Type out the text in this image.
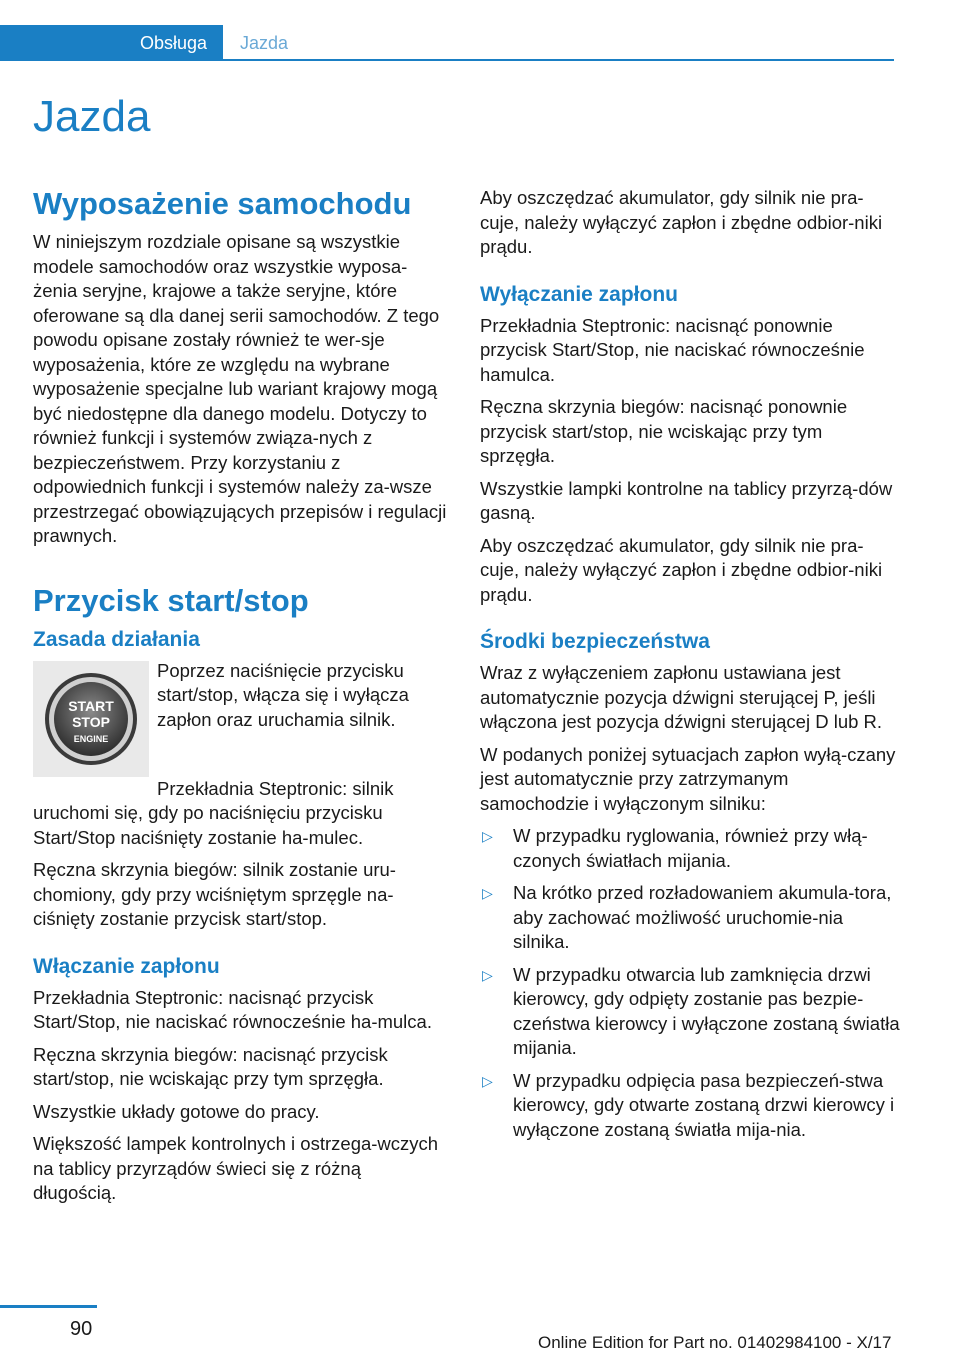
Obsługa	Jazda
Jazda
Wyposażenie samochodu

W niniejszym rozdziale opisane są wszystkie modele samochodów oraz wszystkie wyposa‐żenia seryjne, krajowe a także seryjne, które oferowane są dla danej serii samochodów. Z tego powodu opisane zostały również te wer‐sje wyposażenia, które ze względu na wybrane wyposażenie specjalne lub wariant krajowy mogą być niedostępne dla danego modelu. Dotyczy to również funkcji i systemów związa‐nych z bezpieczeństwem. Przy korzystaniu z odpowiednich funkcji i systemów należy za‐wsze przestrzegać obowiązujących przepisów i regulacji prawnych.

Przycisk start/stop
Zasada działania
START
STOP
ENGINE

Poprzez naciśnięcie przycisku start/stop, włącza się i wyłącza zapłon oraz uruchamia silnik.

Przekładnia Steptronic: silnik uruchomi się, gdy po naciśnięciu przycisku Start/Stop naciśnięty zostanie ha‐mulec.

Ręczna skrzynia biegów: silnik zostanie uru‐chomiony, gdy przy wciśniętym sprzęgle na‐ciśnięty zostanie przycisk start/stop.

Włączanie zapłonu

Przekładnia Steptronic: nacisnąć przycisk Start/Stop, nie naciskać równocześnie ha‐mulca.

Ręczna skrzynia biegów: nacisnąć przycisk start/stop, nie wciskając przy tym sprzęgła.

Wszystkie układy gotowe do pracy.

Większość lampek kontrolnych i ostrzega‐wczych na tablicy przyrządów świeci się z różną długością.

Aby oszczędzać akumulator, gdy silnik nie pra‐cuje, należy wyłączyć zapłon i zbędne odbior‐niki prądu.

Wyłączanie zapłonu

Przekładnia Steptronic: nacisnąć ponownie przycisk Start/Stop, nie naciskać równocześnie hamulca.

Ręczna skrzynia biegów: nacisnąć ponownie przycisk start/stop, nie wciskając przy tym sprzęgła.

Wszystkie lampki kontrolne na tablicy przyrzą‐dów gasną.

Aby oszczędzać akumulator, gdy silnik nie pra‐cuje, należy wyłączyć zapłon i zbędne odbior‐niki prądu.

Środki bezpieczeństwa

Wraz z wyłączeniem zapłonu ustawiana jest automatycznie pozycja dźwigni sterującej P, jeśli włączona jest pozycja dźwigni sterującej D lub R.

W podanych poniżej sytuacjach zapłon wyłą‐czany jest automatycznie przy zatrzymanym samochodzie i wyłączonym silniku:

▷ W przypadku ryglowania, również przy włą‐czonych światłach mijania.
▷ Na krótko przed rozładowaniem akumula‐tora, aby zachować możliwość uruchomie‐nia silnika.
▷ W przypadku otwarcia lub zamknięcia drzwi kierowcy, gdy odpięty zostanie pas bezpie‐czeństwa kierowcy i wyłączone zostaną światła mijania.
▷ W przypadku odpięcia pasa bezpieczeń‐stwa kierowcy, gdy otwarte zostaną drzwi kierowcy i wyłączone zostaną światła mija‐nia.
90
Online Edition for Part no. 01402984100 - X/17
